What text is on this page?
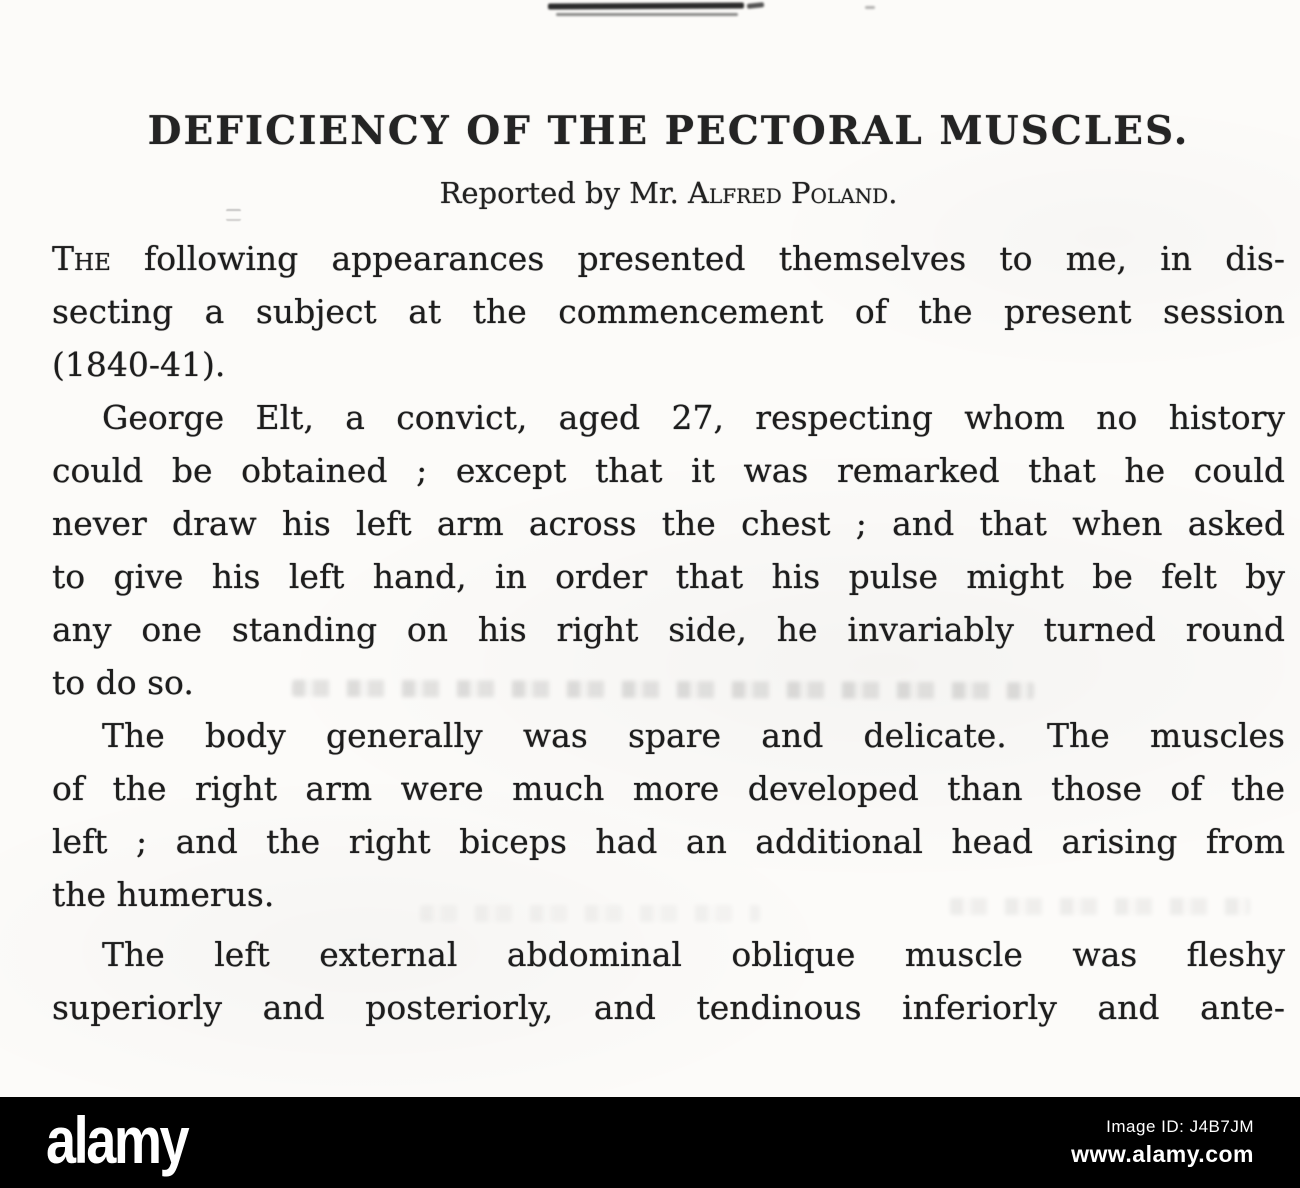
DEFICIENCY OF THE PECTORAL MUSCLES.
Reported by Mr. Alfred Poland.
The following appearances presented themselves to me, in dis-
secting a subject at the commencement of the present session
(1840-41).
George Elt, a convict, aged 27, respecting whom no history
could be obtained ; except that it was remarked that he could
never draw his left arm across the chest ; and that when asked
to give his left hand, in order that his pulse might be felt by
any one standing on his right side, he invariably turned round
to do so.
The body generally was spare and delicate. The muscles
of the right arm were much more developed than those of the
left ; and the right biceps had an additional head arising from
the humerus.
The left external abdominal oblique muscle was fleshy
superiorly and posteriorly, and tendinous inferiorly and ante-
alamy	Image ID: J4B7JM
www.alamy.com
